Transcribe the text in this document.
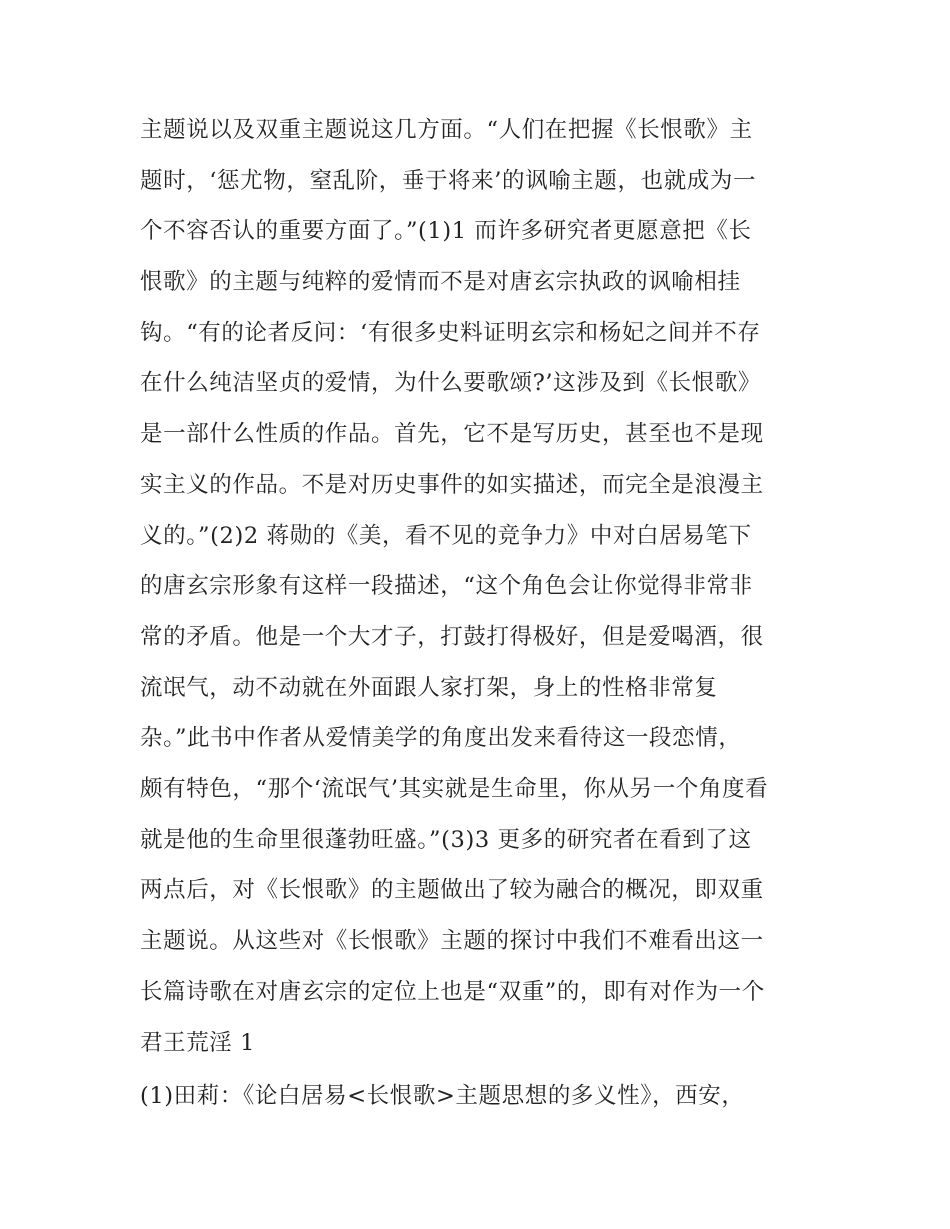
主题说以及双重主题说这几方面。“人们在把握《长恨歌》主
题时，‘惩尤物，窒乱阶，垂于将来’的讽喻主题，也就成为一
个不容否认的重要方面了。”(1)1 而许多研究者更愿意把《长
恨歌》的主题与纯粹的爱情而不是对唐玄宗执政的讽喻相挂
钩。“有的论者反问：‘有很多史料证明玄宗和杨妃之间并不存
在什么纯洁坚贞的爱情，为什么要歌颂?’这涉及到《长恨歌》
是一部什么性质的作品。首先，它不是写历史，甚至也不是现
实主义的作品。不是对历史事件的如实描述，而完全是浪漫主
义的。”(2)2 蒋勋的《美，看不见的竞争力》中对白居易笔下
的唐玄宗形象有这样一段描述，“这个角色会让你觉得非常非
常的矛盾。他是一个大才子，打鼓打得极好，但是爱喝酒，很
流氓气，动不动就在外面跟人家打架，身上的性格非常复
杂。”此书中作者从爱情美学的角度出发来看待这一段恋情，
颇有特色，“那个‘流氓气’其实就是生命里，你从另一个角度看
就是他的生命里很蓬勃旺盛。”(3)3 更多的研究者在看到了这
两点后，对《长恨歌》的主题做出了较为融合的概况，即双重
主题说。从这些对《长恨歌》主题的探讨中我们不难看出这一
长篇诗歌在对唐玄宗的定位上也是“双重”的，即有对作为一个
君王荒淫 1
(1)田莉：《论白居易<长恨歌>主题思想的多义性》，西安，
